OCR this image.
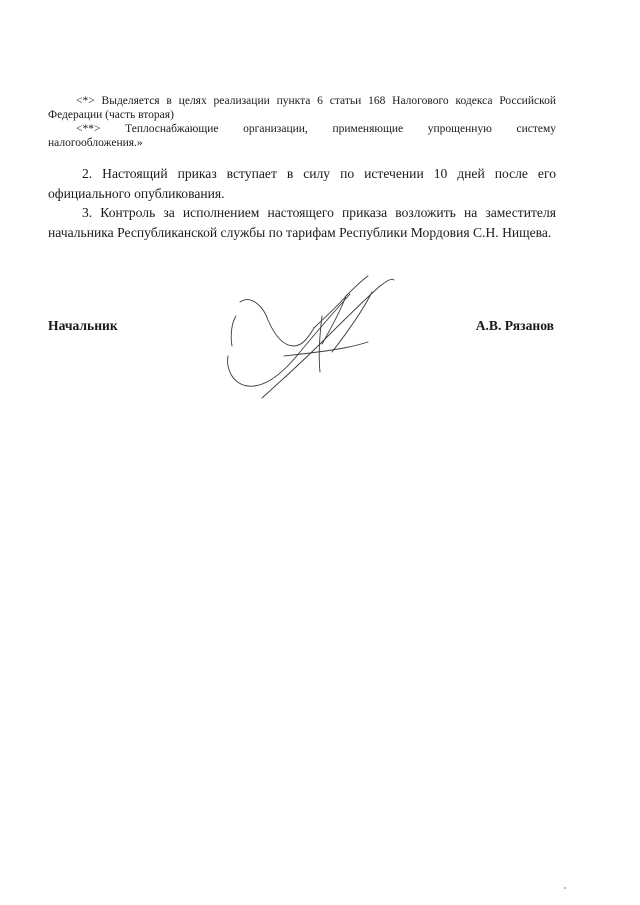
<*> Выделяется в целях реализации пункта 6 статьи 168 Налогового кодекса Российской

Федерации (часть вторая)

<**> Теплоснабжающие организации, применяющие упрощенную систему

налогообложения.»

2. Настоящий приказ вступает в силу по истечении 10 дней после его официального опубликования.

3. Контроль за исполнением настоящего приказа возложить на заместителя начальника Республиканской службы по тарифам Республики Мордовия С.Н. Нищева.

Начальник	А.В. Рязанов
